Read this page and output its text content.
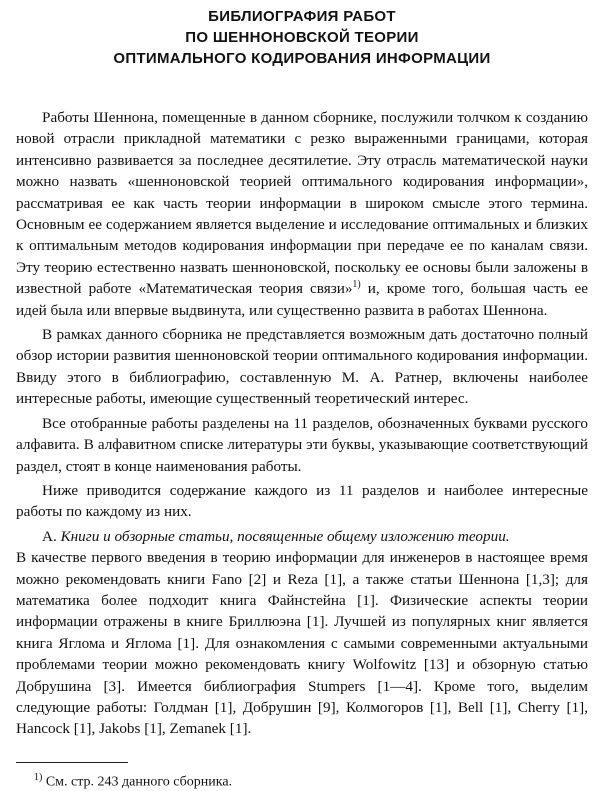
БИБЛИОГРАФИЯ РАБОТ
ПО ШЕННОНОВСКОЙ ТЕОРИИ
ОПТИМАЛЬНОГО КОДИРОВАНИЯ ИНФОРМАЦИИ

Работы Шеннона, помещенные в данном сборнике, послужили толчком к созданию новой отрасли прикладной математики с резко выраженными границами, которая интенсивно развивается за последнее десятилетие. Эту отрасль математической науки можно назвать «шенноновской теорией оптимального кодирования информации», рассматривая ее как часть теории информации в широком смысле этого термина. Основным ее содержанием является выделение и исследование оптимальных и близких к оптимальным методов кодирования информации при передаче ее по каналам связи. Эту теорию естественно назвать шенноновской, поскольку ее основы были заложены в известной работе «Математическая теория связи»$^{1)}$ и, кроме того, большая часть ее идей была или впервые выдвинута, или существенно развита в работах Шеннона.

В рамках данного сборника не представляется возможным дать достаточно полный обзор истории развития шенноновской теории оптимального кодирования информации. Ввиду этого в библиографию, составленную М. А. Ратнер, включены наиболее интересные работы, имеющие существенный теоретический интерес.

Все отобранные работы разделены на 11 разделов, обозначенных буквами русского алфавита. В алфавитном списке литературы эти буквы, указывающие соответствующий раздел, стоят в конце наименования работы.

Ниже приводится содержание каждого из 11 разделов и наиболее интересные работы по каждому из них.

А. Книги и обзорные статьи, посвященные общему изложению теории.
В качестве первого введения в теорию информации для инженеров в настоящее время можно рекомендовать книги Fano [2] и Reza [1], а также статьи Шеннона [1,3]; для математика более подходит книга Файнстейна [1]. Физические аспекты теории информации отражены в книге Бриллюэна [1]. Лучшей из популярных книг является книга Яглома и Яглома [1]. Для ознакомления с самыми современными актуальными проблемами теории можно рекомендовать книгу Wolfowitz [13] и обзорную статью Добрушина [3]. Имеется библиография Stumpers [1—4]. Кроме того, выделим следующие работы: Голдман [1], Добрушин [9], Колмогоров [1], Bell [1], Cherry [1], Hancock [1], Jakobs [1], Zemanek [1].

$^{1)}$ См. стр. 243 данного сборника.
